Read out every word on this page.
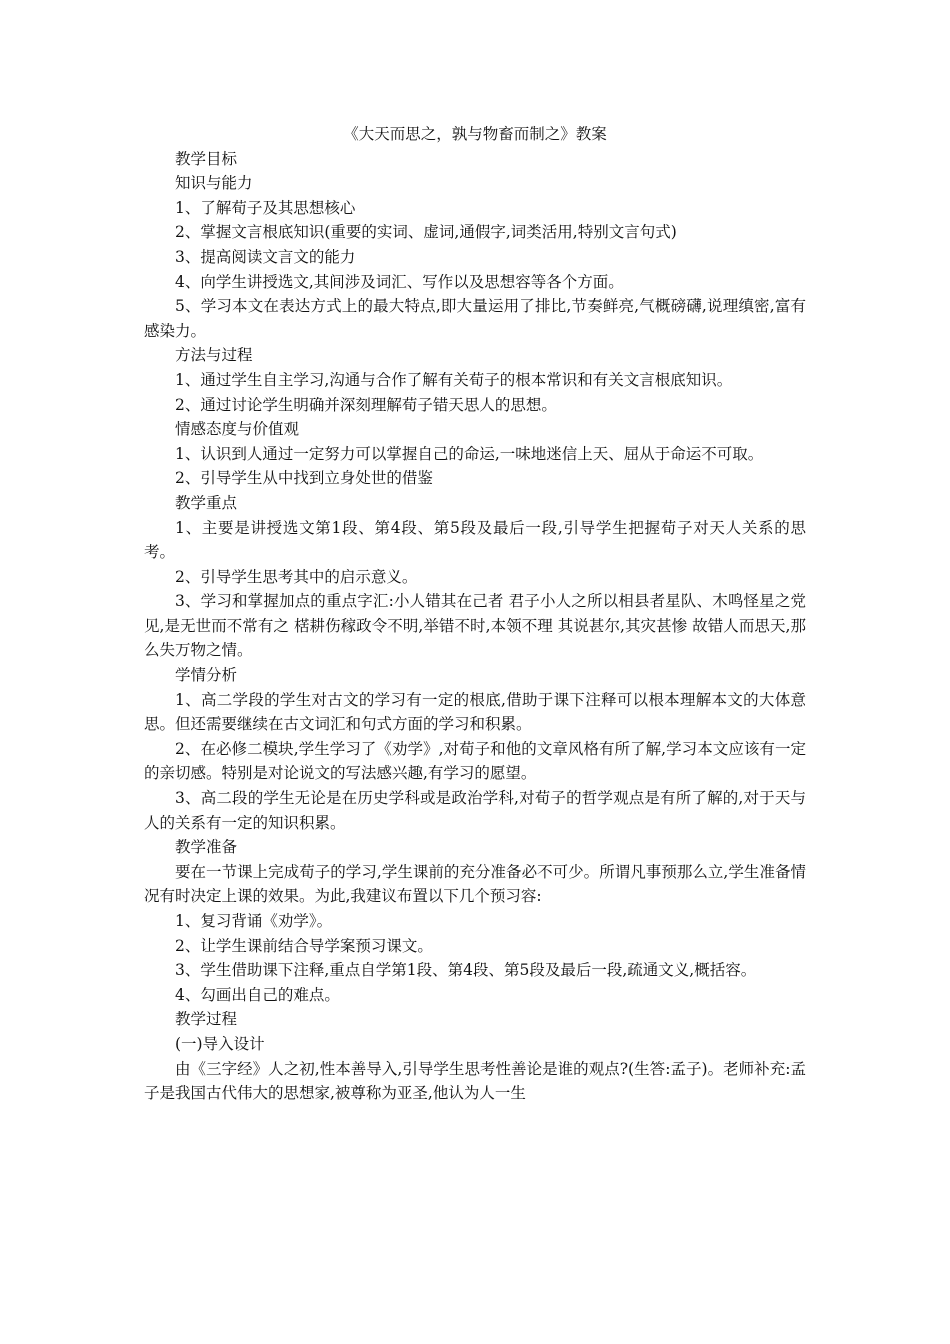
《大天而思之，孰与物畜而制之》教案

教学目标

知识与能力

1、了解荀子及其思想核心

2、掌握文言根底知识(重要的实词、虚词,通假字,词类活用,特别文言句式)

3、提高阅读文言文的能力

4、向学生讲授选文,其间涉及词汇、写作以及思想容等各个方面。

5、学习本文在表达方式上的最大特点,即大量运用了排比,节奏鲜亮,气概磅礴,说理缜密,富有感染力。

方法与过程

1、通过学生自主学习,沟通与合作了解有关荀子的根本常识和有关文言根底知识。

2、通过讨论学生明确并深刻理解荀子错天思人的思想。

情感态度与价值观

1、认识到人通过一定努力可以掌握自己的命运,一味地迷信上天、屈从于命运不可取。

2、引导学生从中找到立身处世的借鉴

教学重点

1、主要是讲授选文第1段、第4段、第5段及最后一段,引导学生把握荀子对天人关系的思考。

2、引导学生思考其中的启示意义。

3、学习和掌握加点的重点字汇:小人错其在己者 君子小人之所以相县者星队、木鸣怪星之党见,是无世而不常有之 楛耕伤稼政令不明,举错不时,本领不理 其说甚尔,其灾甚惨 故错人而思天,那么失万物之情。

学情分析

1、高二学段的学生对古文的学习有一定的根底,借助于课下注释可以根本理解本文的大体意思。但还需要继续在古文词汇和句式方面的学习和积累。

2、在必修二模块,学生学习了《劝学》,对荀子和他的文章风格有所了解,学习本文应该有一定的亲切感。特别是对论说文的写法感兴趣,有学习的愿望。

3、高二段的学生无论是在历史学科或是政治学科,对荀子的哲学观点是有所了解的,对于天与人的关系有一定的知识积累。

教学准备

要在一节课上完成荀子的学习,学生课前的充分准备必不可少。所谓凡事预那么立,学生准备情况有时决定上课的效果。为此,我建议布置以下几个预习容:

1、复习背诵《劝学》。

2、让学生课前结合导学案预习课文。

3、学生借助课下注释,重点自学第1段、第4段、第5段及最后一段,疏通文义,概括容。

4、勾画出自己的难点。

教学过程

(一)导入设计

由《三字经》人之初,性本善导入,引导学生思考性善论是谁的观点?(生答:孟子)。老师补充:孟子是我国古代伟大的思想家,被尊称为亚圣,他认为人一生
